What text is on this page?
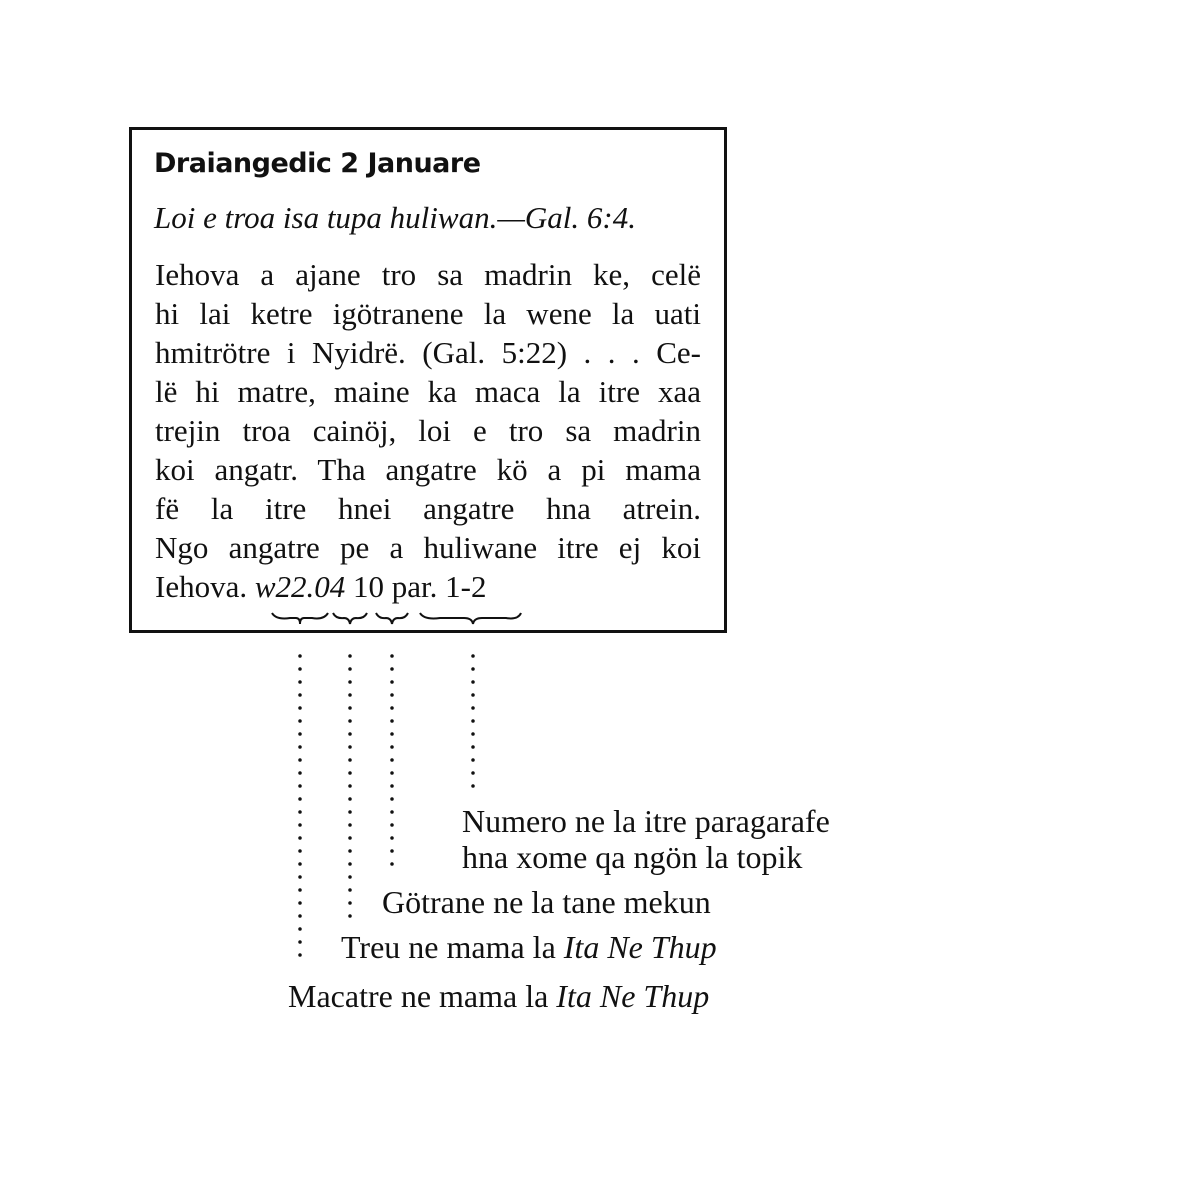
Draiangedic 2 Januare
Loi e troa isa tupa huliwan.—Gal. 6:4.
Iehova a ajane tro sa madrin ke, celë
hi lai ketre igötranene la wene la uati
hmitrötre i Nyidrë. (Gal. 5:22) . . . Ce-
lë hi matre, maine ka maca la itre xaa
trejin troa cainöj, loi e tro sa madrin
koi angatr. Tha angatre kö a pi mama
fë la itre hnei angatre hna atrein.
Ngo angatre pe a huliwane itre ej koi
Iehova. w22.04 10 par. 1-2
Numero ne la itre paragarafe
hna xome qa ngön la topik
Götrane ne la tane mekun
Treu ne mama la Ita Ne Thup
Macatre ne mama la Ita Ne Thup
